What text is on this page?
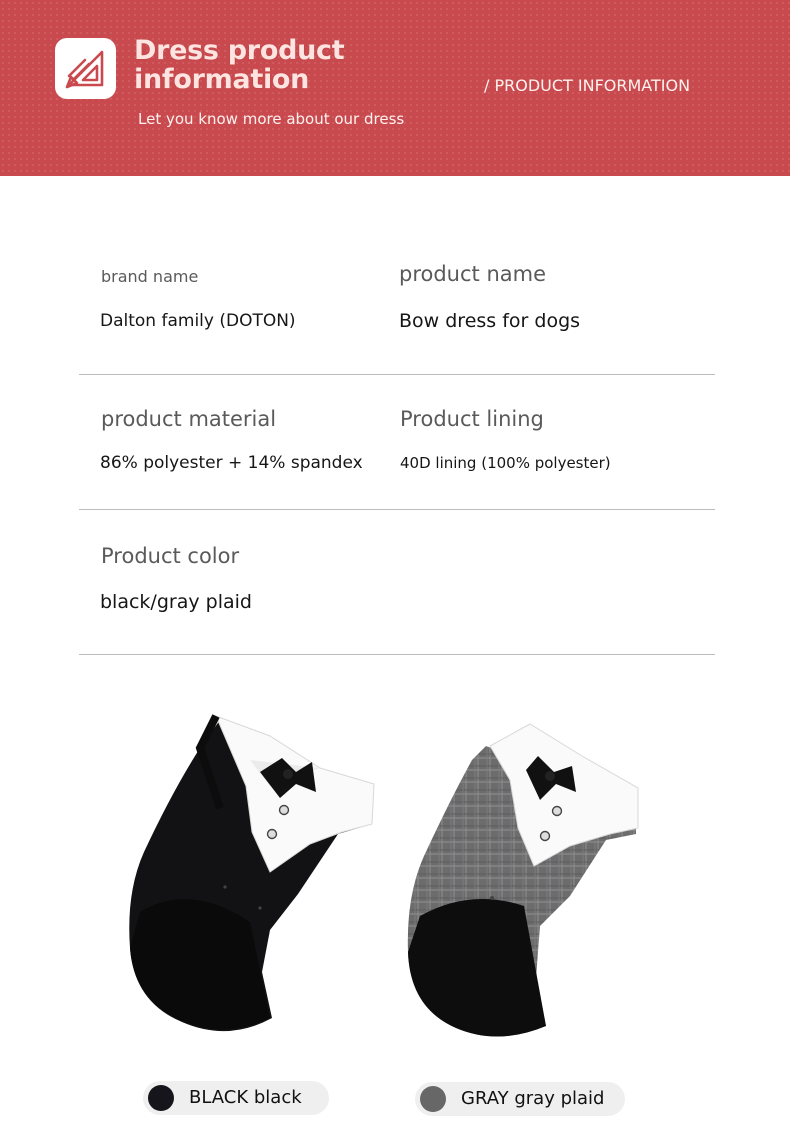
Dress product information
Let you know more about our dress
/ PRODUCT INFORMATION
brand name
Dalton family (DOTON)
product name
Bow dress for dogs
product material
86% polyester + 14% spandex
Product lining
40D lining (100% polyester)
Product color
black/gray plaid
BLACK black	GRAY gray plaid
